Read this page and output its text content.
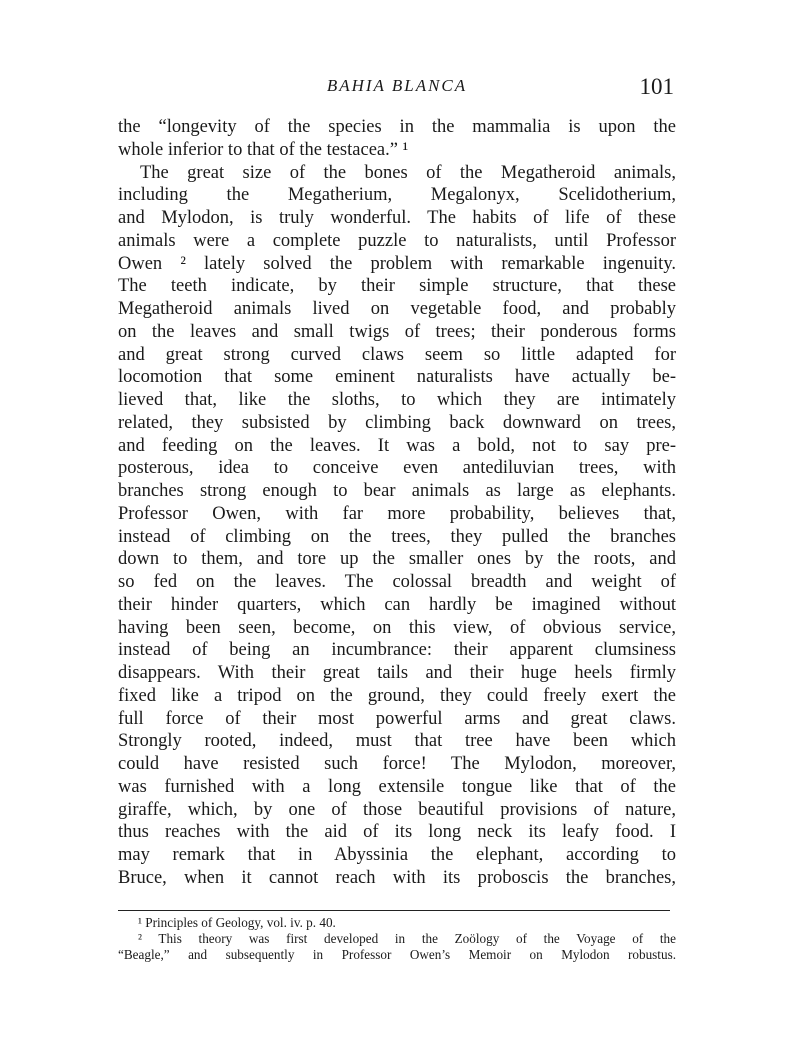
BAHIA BLANCA	101
the “longevity of the species in the mammalia is upon the
whole inferior to that of the testacea.” ¹
The great size of the bones of the Megatheroid animals,
including the Megatherium, Megalonyx, Scelidotherium,
and Mylodon, is truly wonderful. The habits of life of these
animals were a complete puzzle to naturalists, until Professor
Owen ² lately solved the problem with remarkable ingenuity.
The teeth indicate, by their simple structure, that these
Megatheroid animals lived on vegetable food, and probably
on the leaves and small twigs of trees; their ponderous forms
and great strong curved claws seem so little adapted for
locomotion that some eminent naturalists have actually be-
lieved that, like the sloths, to which they are intimately
related, they subsisted by climbing back downward on trees,
and feeding on the leaves. It was a bold, not to say pre-
posterous, idea to conceive even antediluvian trees, with
branches strong enough to bear animals as large as elephants.
Professor Owen, with far more probability, believes that,
instead of climbing on the trees, they pulled the branches
down to them, and tore up the smaller ones by the roots, and
so fed on the leaves. The colossal breadth and weight of
their hinder quarters, which can hardly be imagined without
having been seen, become, on this view, of obvious service,
instead of being an incumbrance: their apparent clumsiness
disappears. With their great tails and their huge heels firmly
fixed like a tripod on the ground, they could freely exert the
full force of their most powerful arms and great claws.
Strongly rooted, indeed, must that tree have been which
could have resisted such force! The Mylodon, moreover,
was furnished with a long extensile tongue like that of the
giraffe, which, by one of those beautiful provisions of nature,
thus reaches with the aid of its long neck its leafy food. I
may remark that in Abyssinia the elephant, according to
Bruce, when it cannot reach with its proboscis the branches,
¹ Principles of Geology, vol. iv. p. 40.
² This theory was first developed in the Zoölogy of the Voyage of the
“Beagle,” and subsequently in Professor Owen’s Memoir on Mylodon robustus.
